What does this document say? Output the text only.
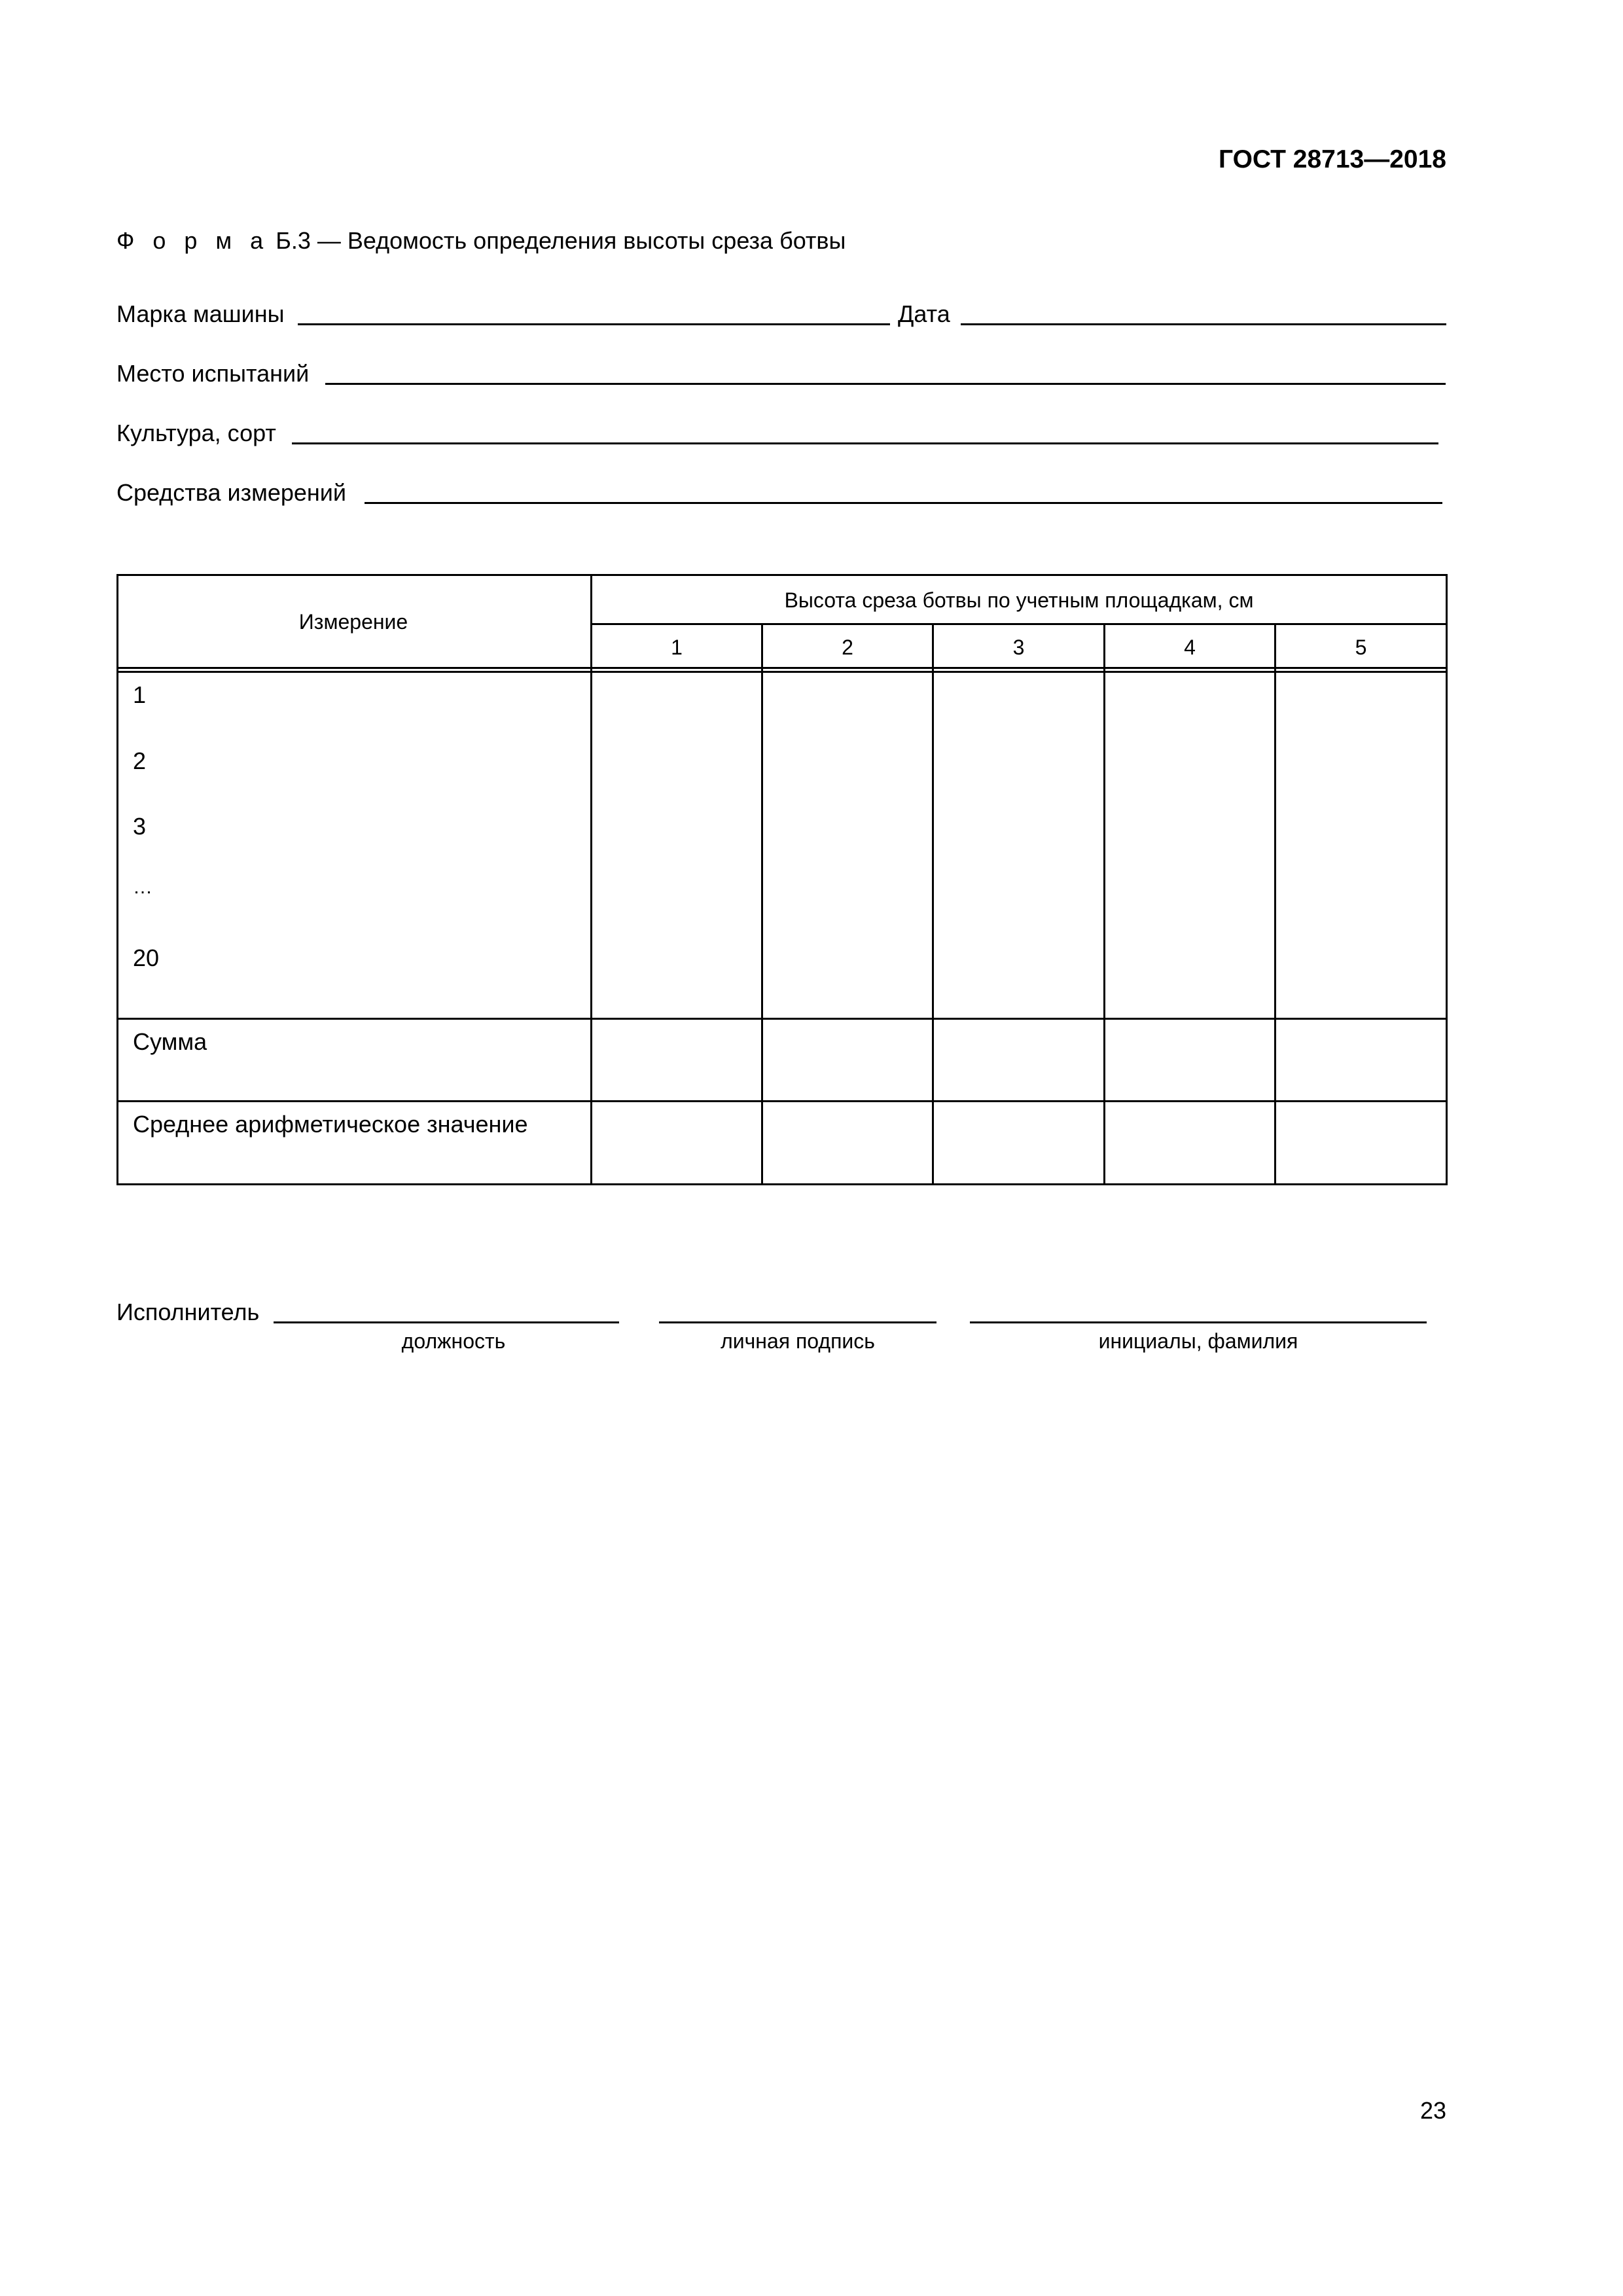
ГОСТ 28713—2018
Ф о р м а Б.3 — Ведомость определения высоты среза ботвы
Марка машины	Дата
Место испытаний
Культура, сорт
Средства измерений
Измерение
Высота среза ботвы по учетным площадкам, см
1	2	3	4	5
1
2
3
…
20
Сумма
Среднее арифметическое значение
Исполнитель
должность	личная подпись	инициалы, фамилия
23
